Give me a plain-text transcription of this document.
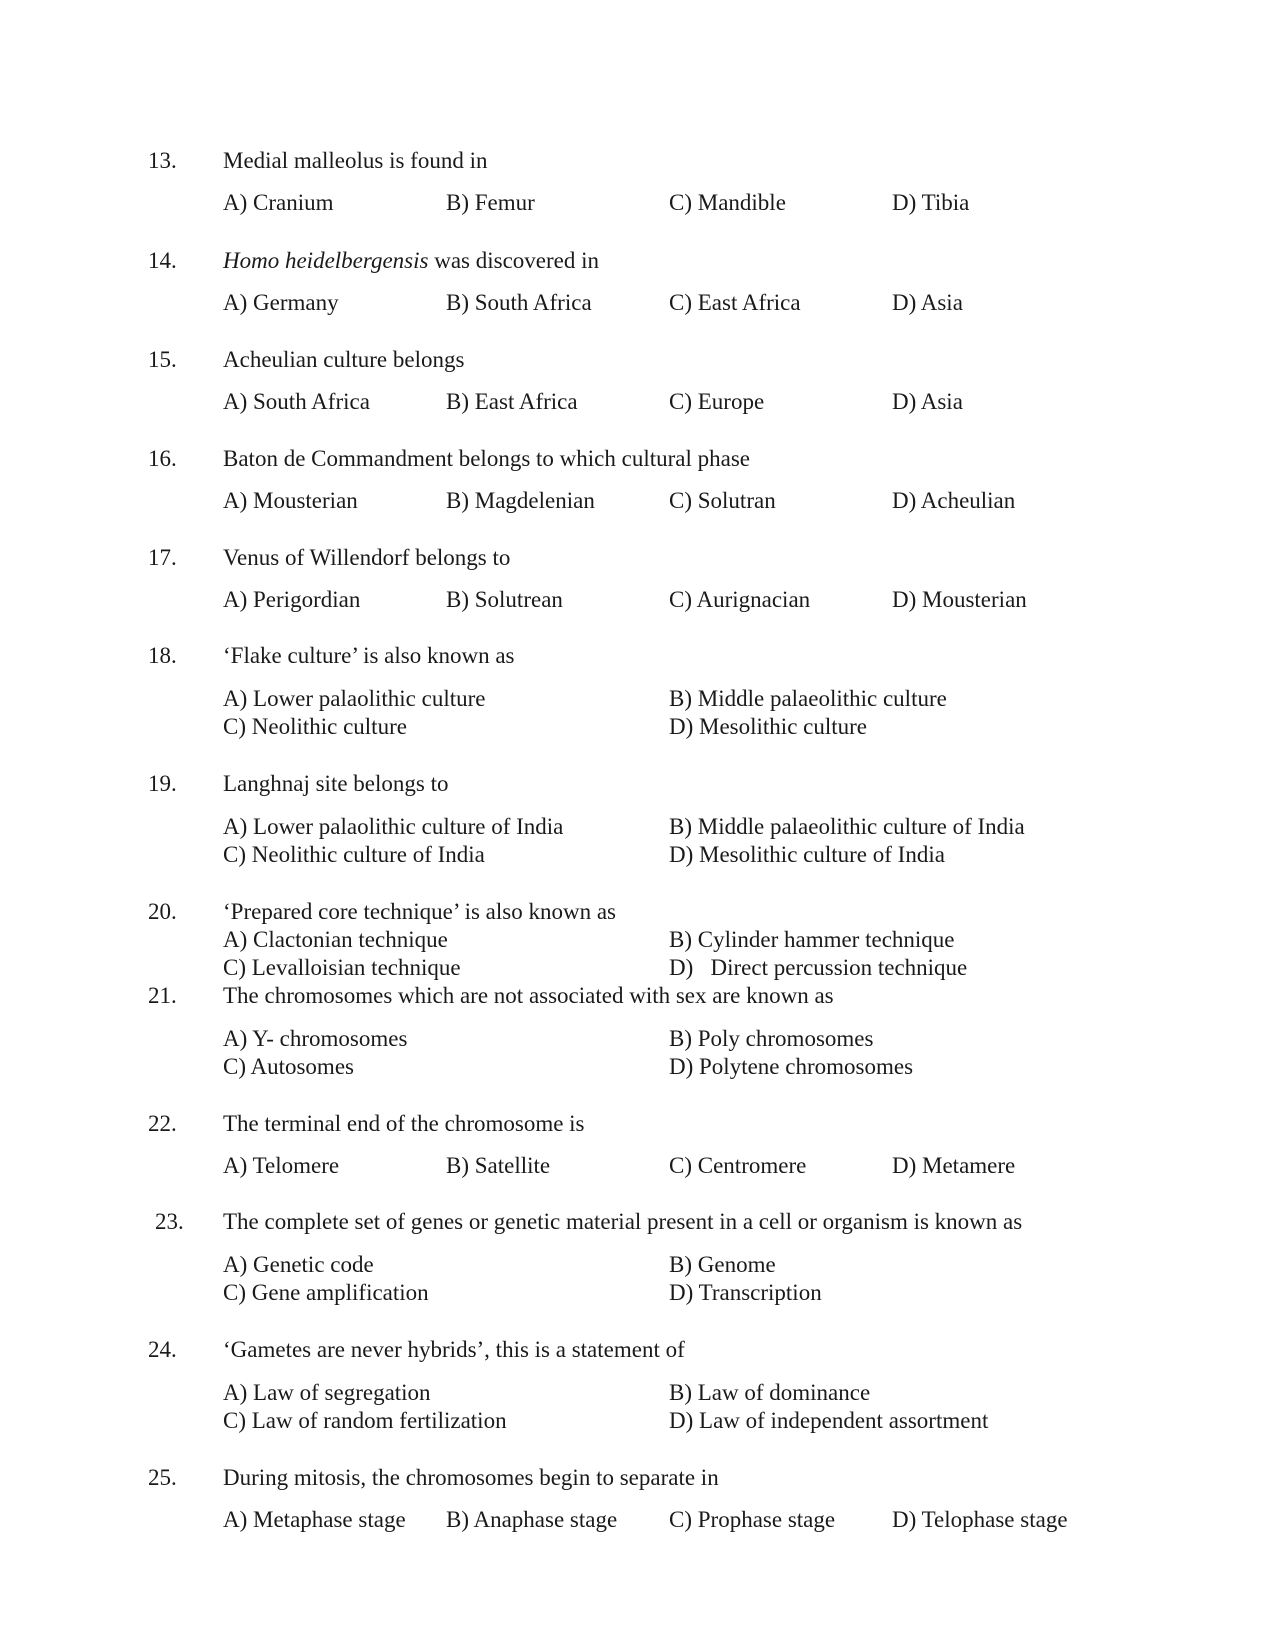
13. Medial malleolus is found in
A) Cranium	B) Femur	C) Mandible	D) Tibia
14. Homo heidelbergensis was discovered in
A) Germany	B) South Africa	C) East Africa	D) Asia
15. Acheulian culture belongs
A) South Africa	B) East Africa	C) Europe	D) Asia
16. Baton de Commandment belongs to which cultural phase
A) Mousterian	B) Magdelenian	C) Solutran	D) Acheulian
17. Venus of Willendorf belongs to
A) Perigordian	B) Solutrean	C) Aurignacian	D) Mousterian
18. ‘Flake culture’ is also known as
A) Lower palaolithic culture	B) Middle palaeolithic culture
C) Neolithic culture	D) Mesolithic culture
19. Langhnaj site belongs to
A) Lower palaolithic culture of India	B) Middle palaeolithic culture of India
C) Neolithic culture of India	D) Mesolithic culture of India
20. ‘Prepared core technique’ is also known as
A) Clactonian technique	B) Cylinder hammer technique
C) Levalloisian technique	D)   Direct percussion technique
21. The chromosomes which are not associated with sex are known as
A) Y- chromosomes	B) Poly chromosomes
C) Autosomes	D) Polytene chromosomes
22. The terminal end of the chromosome is
A) Telomere	B) Satellite	C) Centromere	D) Metamere
23. The complete set of genes or genetic material present in a cell or organism is known as
A) Genetic code	B) Genome
C) Gene amplification	D) Transcription
24. ‘Gametes are never hybrids’, this is a statement of
A) Law of segregation	B) Law of dominance
C) Law of random fertilization	D) Law of independent assortment
25. During mitosis, the chromosomes begin to separate in
A) Metaphase stage B) Anaphase stage C) Prophase stage D) Telophase stage
